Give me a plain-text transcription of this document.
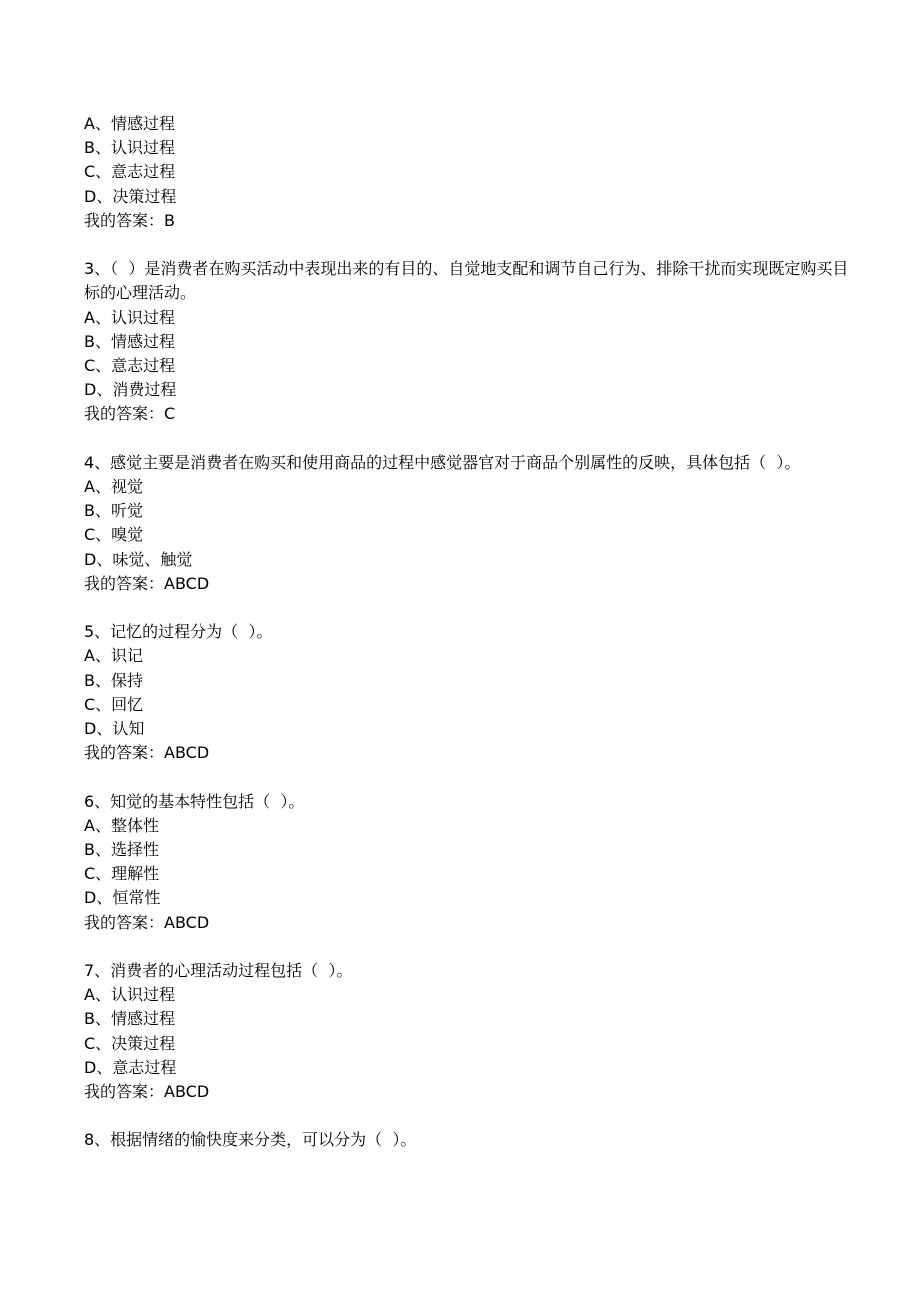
A、情感过程
B、认识过程
C、意志过程
D、决策过程
我的答案：B
3、（  ）是消费者在购买活动中表现出来的有目的、自觉地支配和调节自己行为、排除干扰而实现既定购买目标的心理活动。
A、认识过程
B、情感过程
C、意志过程
D、消费过程
我的答案：C
4、感觉主要是消费者在购买和使用商品的过程中感觉器官对于商品个别属性的反映，具体包括（  ）。
A、视觉
B、听觉
C、嗅觉
D、味觉、触觉
我的答案：ABCD
5、记忆的过程分为（  ）。
A、识记
B、保持
C、回忆
D、认知
我的答案：ABCD
6、知觉的基本特性包括（  ）。
A、整体性
B、选择性
C、理解性
D、恒常性
我的答案：ABCD
7、消费者的心理活动过程包括（  ）。
A、认识过程
B、情感过程
C、决策过程
D、意志过程
我的答案：ABCD
8、根据情绪的愉快度来分类，可以分为（  ）。
